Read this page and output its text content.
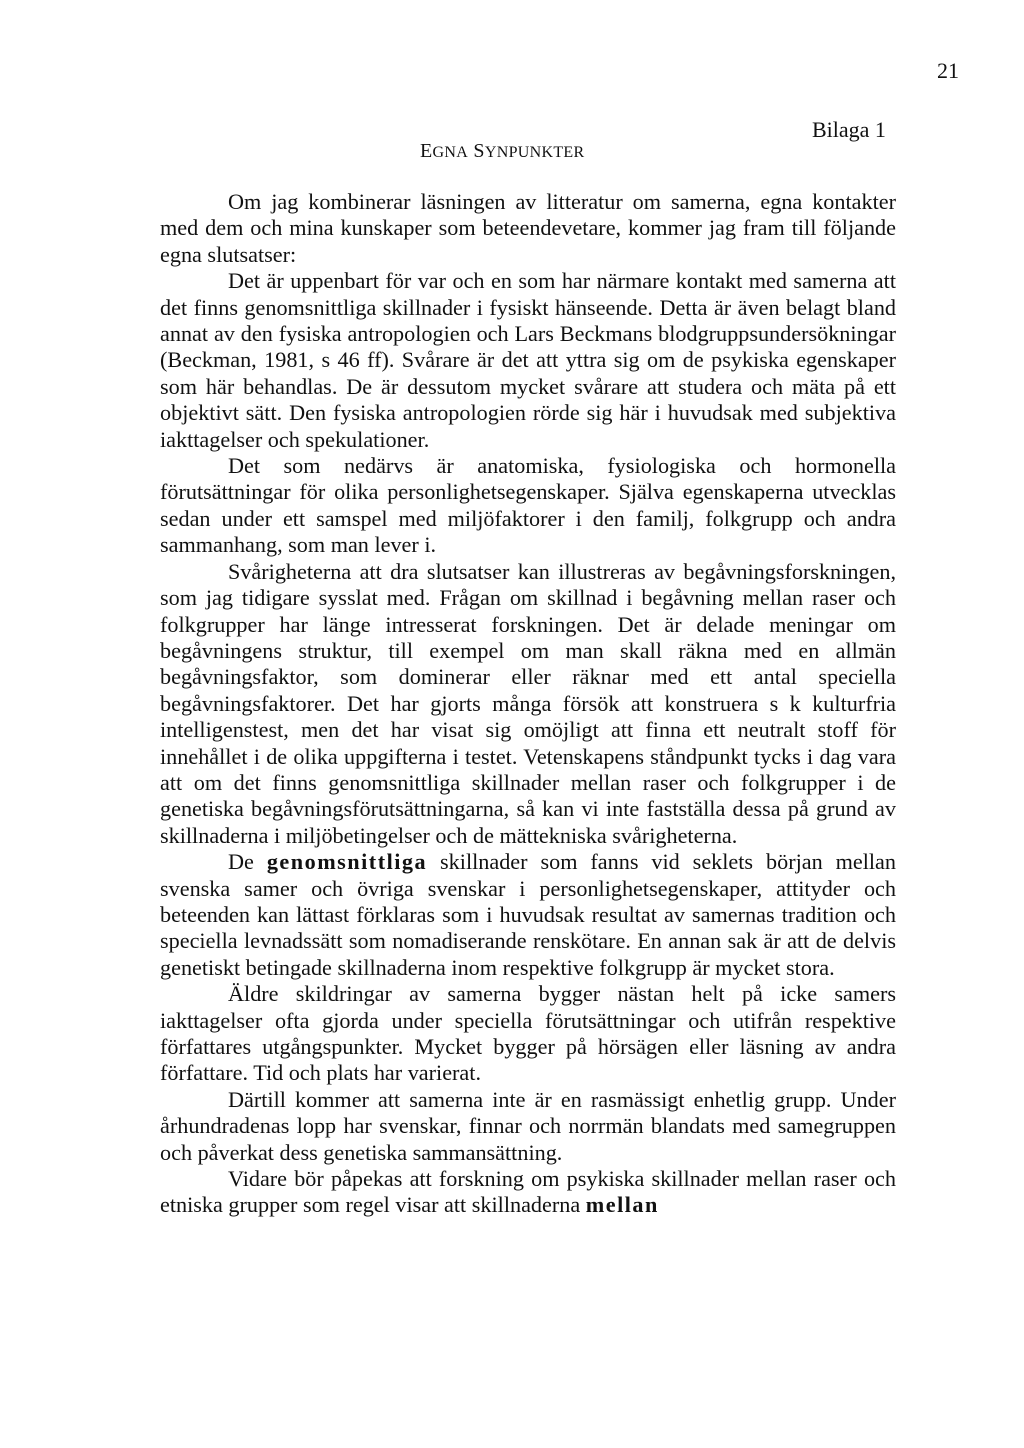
21
Bilaga 1
EGNA SYNPUNKTER

Om jag kombinerar läsningen av litteratur om samerna, egna kontakter med dem och mina kunskaper som beteendevetare, kommer jag fram till följande egna slutsatser:

Det är uppenbart för var och en som har närmare kontakt med samerna att det finns genomsnittliga skillnader i fysiskt hänseende. Detta är även belagt bland annat av den fysiska antropologien och Lars Beckmans blodgruppsundersökningar (Beckman, 1981, s 46 ff). Svårare är det att yttra sig om de psykiska egenskaper som här behandlas. De är dessutom mycket svårare att studera och mäta på ett objektivt sätt. Den fysiska antropologien rörde sig här i huvudsak med subjektiva iakttagelser och spekulationer.

Det som nedärvs är anatomiska, fysiologiska och hormonella förutsättningar för olika personlighetsegenskaper. Själva egenskaperna utvecklas sedan under ett samspel med miljöfaktorer i den familj, folkgrupp och andra sammanhang, som man lever i.

Svårigheterna att dra slutsatser kan illustreras av begåvningsforskningen, som jag tidigare sysslat med. Frågan om skillnad i begåvning mellan raser och folkgrupper har länge intresserat forskningen. Det är delade meningar om begåvningens struktur, till exempel om man skall räkna med en allmän begåvningsfaktor, som dominerar eller räknar med ett antal speciella begåvningsfaktorer. Det har gjorts många försök att konstruera s k kulturfria intelligenstest, men det har visat sig omöjligt att finna ett neutralt stoff för innehållet i de olika uppgifterna i testet. Vetenskapens ståndpunkt tycks i dag vara att om det finns genomsnittliga skillnader mellan raser och folkgrupper i de genetiska begåvningsförutsättningarna, så kan vi inte fastställa dessa på grund av skillnaderna i miljöbetingelser och de mättekniska svårigheterna.

De genomsnittliga skillnader som fanns vid seklets början mellan svenska samer och övriga svenskar i personlighetsegenskaper, attityder och beteenden kan lättast förklaras som i huvudsak resultat av samernas tradition och speciella levnadssätt som nomadiserande renskötare. En annan sak är att de delvis genetiskt betingade skillnaderna inom respektive folkgrupp är mycket stora.

Äldre skildringar av samerna bygger nästan helt på icke samers iakttagelser ofta gjorda under speciella förutsättningar och utifrån respektive författares utgångspunkter. Mycket bygger på hörsägen eller läsning av andra författare. Tid och plats har varierat.

Därtill kommer att samerna inte är en rasmässigt enhetlig grupp. Under århundradenas lopp har svenskar, finnar och norrmän blandats med samegruppen och påverkat dess genetiska sammansättning.

Vidare bör påpekas att forskning om psykiska skillnader mellan raser och etniska grupper som regel visar att skillnaderna mellan
